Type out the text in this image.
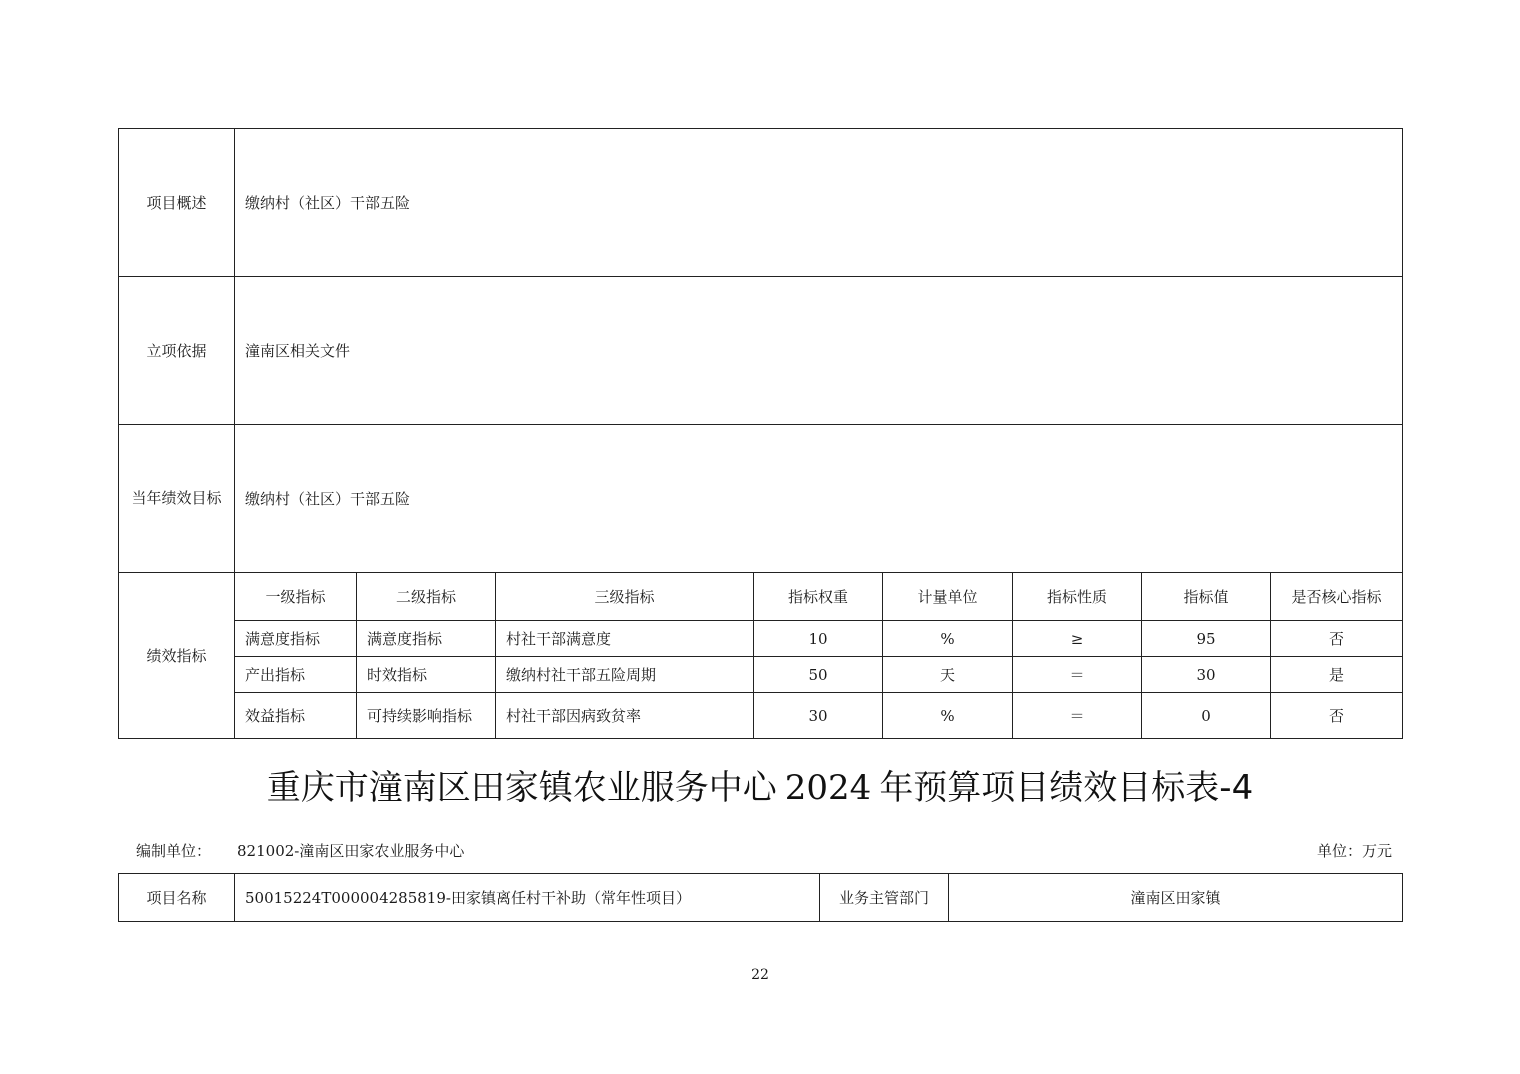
项目概述	缴纳村（社区）干部五险							
立项依据	潼南区相关文件							
当年绩效目标	缴纳村（社区）干部五险							
绩效指标	一级指标	二级指标	三级指标	指标权重	计量单位	指标性质	指标值	是否核心指标
	满意度指标	满意度指标	村社干部满意度	10	%	≥	95	否
	产出指标	时效指标	缴纳村社干部五险周期	50	天	＝	30	是
	效益指标	可持续影响指标	村社干部因病致贫率	30	%	＝	0	否
重庆市潼南区田家镇农业服务中心 2024 年预算项目绩效目标表-4
编制单位： 821002-潼南区田家农业服务中心	单位：万元
项目名称	50015224T000004285819-田家镇离任村干补助（常年性项目）	业务主管部门	潼南区田家镇
22
